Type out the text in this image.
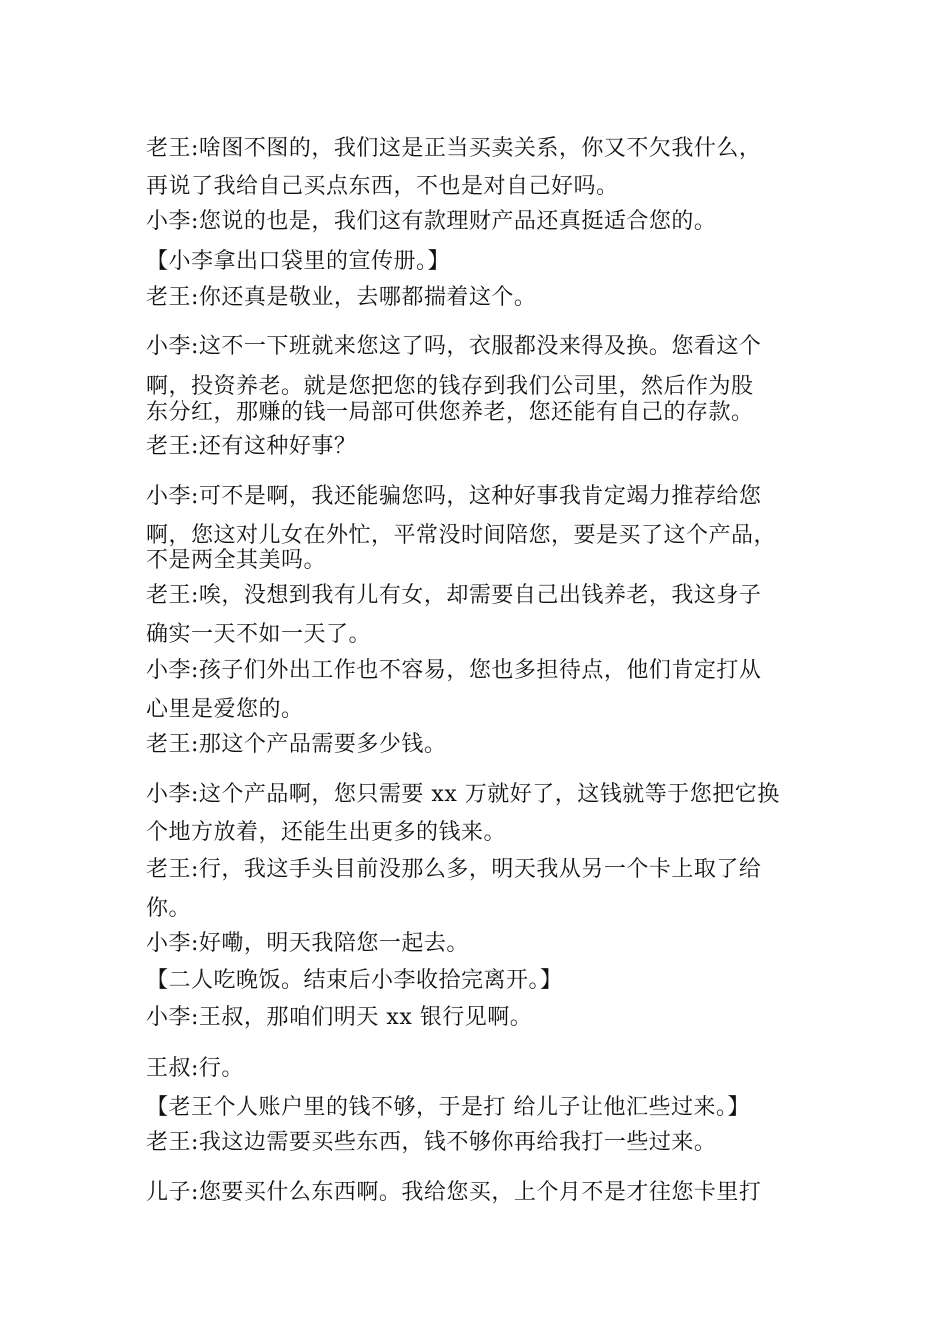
老王:啥图不图的，我们这是正当买卖关系，你又不欠我什么，
再说了我给自己买点东西，不也是对自己好吗。
小李:您说的也是，我们这有款理财产品还真挺适合您的。
【小李拿出口袋里的宣传册。】
老王:你还真是敬业，去哪都揣着这个。
小李:这不一下班就来您这了吗，衣服都没来得及换。您看这个
啊，投资养老。就是您把您的钱存到我们公司里，然后作为股
东分红，那赚的钱一局部可供您养老，您还能有自己的存款。
老王:还有这种好事？
小李:可不是啊，我还能骗您吗，这种好事我肯定竭力推荐给您
啊，您这对儿女在外忙，平常没时间陪您，要是买了这个产品，
不是两全其美吗。
老王:唉，没想到我有儿有女，却需要自己出钱养老，我这身子
确实一天不如一天了。
小李:孩子们外出工作也不容易，您也多担待点，他们肯定打从
心里是爱您的。
老王:那这个产品需要多少钱。
小李:这个产品啊，您只需要 xx 万就好了，这钱就等于您把它换
个地方放着，还能生出更多的钱来。
老王:行，我这手头目前没那么多，明天我从另一个卡上取了给
你。
小李:好嘞，明天我陪您一起去。
【二人吃晚饭。结束后小李收拾完离开。】
小李:王叔，那咱们明天 xx 银行见啊。
王叔:行。
【老王个人账户里的钱不够，于是打 给儿子让他汇些过来。】
老王:我这边需要买些东西，钱不够你再给我打一些过来。
儿子:您要买什么东西啊。我给您买，上个月不是才往您卡里打
